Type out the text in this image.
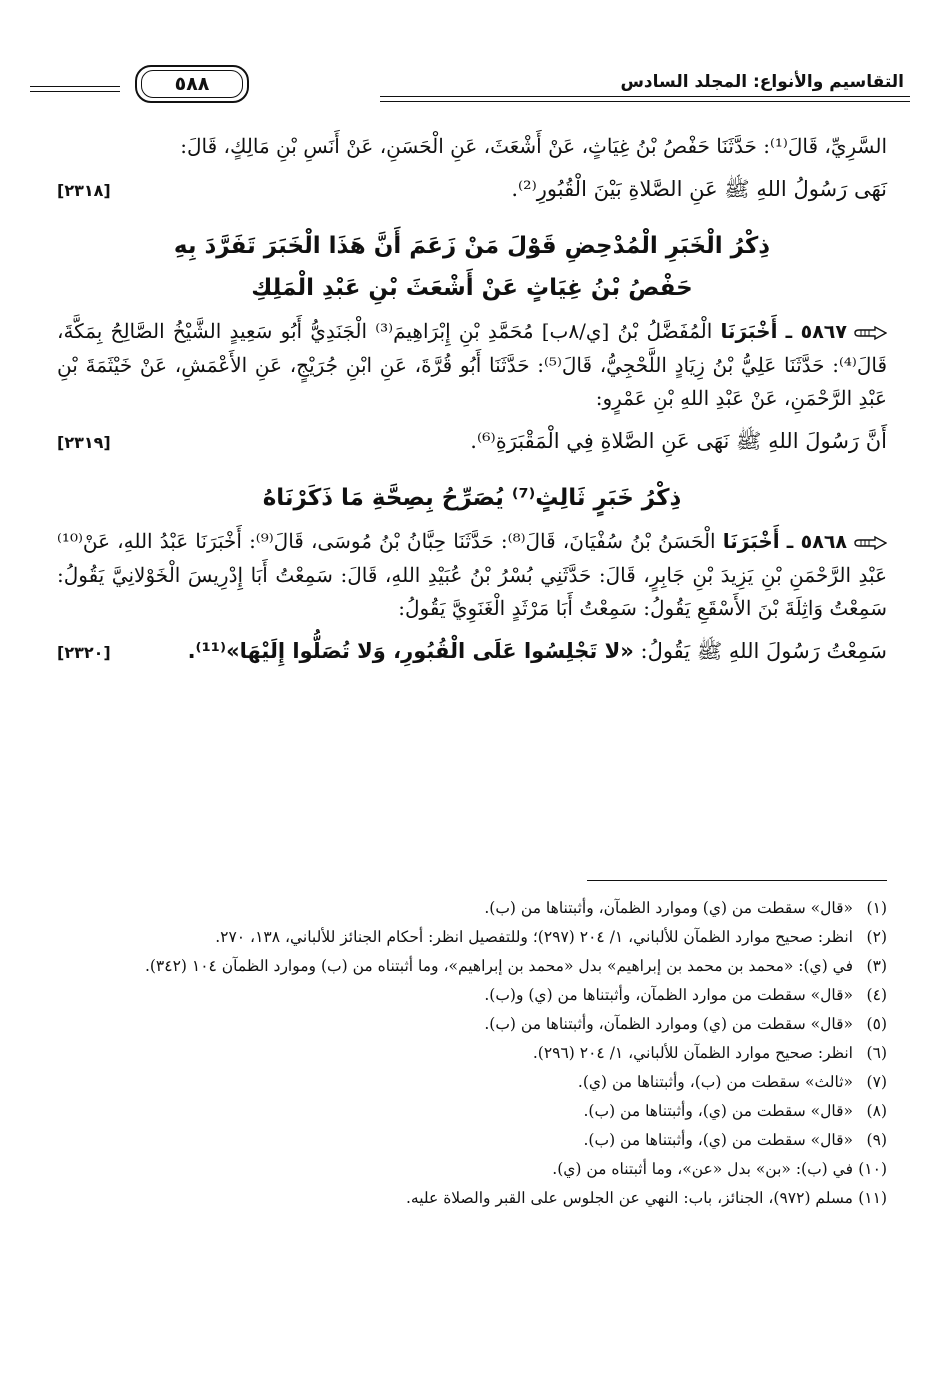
التقاسيم والأنواع: المجلد السادس
٥٨٨

السَّرِيِّ، قَالَ⁽¹⁾: حَدَّثَنَا حَفْصُ بْنُ غِيَاثٍ، عَنْ أَشْعَثَ، عَنِ الْحَسَنِ، عَنْ أَنَسِ بْنِ مَالِكٍ، قَالَ:

نَهَى رَسُولُ اللهِ ﷺ عَنِ الصَّلاةِ بَيْنَ الْقُبُورِ⁽²⁾.
[٢٣١٨]
ذِكْرُ الْخَبَرِ الْمُدْحِضِ قَوْلَ مَنْ زَعَمَ أَنَّ هَذَا الْخَبَرَ تَفَرَّدَ بِهِ
حَفْصُ بْنُ غِيَاثٍ عَنْ أَشْعَثَ بْنِ عَبْدِ الْمَلِكِ

٥٨٦٧ ـ أَخْبَرَنَا الْمُفَضَّلُ بْنُ [ي/٨ب] مُحَمَّدِ بْنِ إِبْرَاهِيمَ⁽³⁾ الْجَنَدِيُّ أَبُو سَعِيدٍ الشَّيْخُ الصَّالِحُ بِمَكَّةَ، قَالَ⁽⁴⁾: حَدَّثَنَا عَلِيُّ بْنُ زِيَادٍ اللَّحْجِيُّ، قَالَ⁽⁵⁾: حَدَّثَنَا أَبُو قُرَّةَ، عَنِ ابْنِ جُرَيْجٍ، عَنِ الأَعْمَشِ، عَنْ خَيْثَمَةَ بْنِ عَبْدِ الرَّحْمَنِ، عَنْ عَبْدِ اللهِ بْنِ عَمْرٍو:

أَنَّ رَسُولَ اللهِ ﷺ نَهَى عَنِ الصَّلاةِ فِي الْمَقْبَرَةِ⁽⁶⁾.
[٢٣١٩]
ذِكْرُ خَبَرٍ ثَالِثٍ⁽⁷⁾ يُصَرِّحُ بِصِحَّةِ مَا ذَكَرْنَاهُ

٥٨٦٨ ـ أَخْبَرَنَا الْحَسَنُ بْنُ سُفْيَانَ، قَالَ⁽⁸⁾: حَدَّثَنَا حِبَّانُ بْنُ مُوسَى، قَالَ⁽⁹⁾: أَخْبَرَنَا عَبْدُ اللهِ، عَنْ⁽¹⁰⁾ عَبْدِ الرَّحْمَنِ بْنِ يَزِيدَ بْنِ جَابِرٍ، قَالَ: حَدَّثَنِي بُسْرُ بْنُ عُبَيْدِ اللهِ، قَالَ: سَمِعْتُ أَبَا إِدْرِيسَ الْخَوْلانِيَّ يَقُولُ: سَمِعْتُ وَاثِلَةَ بْنَ الأَسْقَعِ يَقُولُ: سَمِعْتُ أَبَا مَرْثَدٍ الْغَنَوِيَّ يَقُولُ:

سَمِعْتُ رَسُولَ اللهِ ﷺ يَقُولُ: «لا تَجْلِسُوا عَلَى الْقُبُورِ، وَلا تُصَلُّوا إِلَيْهَا»⁽¹¹⁾.
[٢٣٢٠]

(١)
«قال» سقطت من (ي) وموارد الظمآن، وأثبتناها من (ب).

(٢)
انظر: صحيح موارد الظمآن للألباني، ١/ ٢٠٤ (٢٩٧)؛ وللتفصيل انظر: أحكام الجنائز للألباني، ١٣٨، ٢٧٠.

(٣)
في (ي): «محمد بن محمد بن إبراهيم» بدل «محمد بن إبراهيم»، وما أثبتناه من (ب) وموارد الظمآن ١٠٤ (٣٤٢).

(٤)
«قال» سقطت من موارد الظمآن، وأثبتناها من (ي) و(ب).

(٥)
«قال» سقطت من (ي) وموارد الظمآن، وأثبتناها من (ب).

(٦)
انظر: صحيح موارد الظمآن للألباني، ١/ ٢٠٤ (٢٩٦).

(٧)
«ثالث» سقطت من (ب)، وأثبتناها من (ي).

(٨)
«قال» سقطت من (ي)، وأثبتناها من (ب).

(٩)
«قال» سقطت من (ي)، وأثبتناها من (ب).

(١٠)
في (ب): «بن» بدل «عن»، وما أثبتناه من (ي).

(١١)
مسلم (٩٧٢)، الجنائز، باب: النهي عن الجلوس على القبر والصلاة عليه.
